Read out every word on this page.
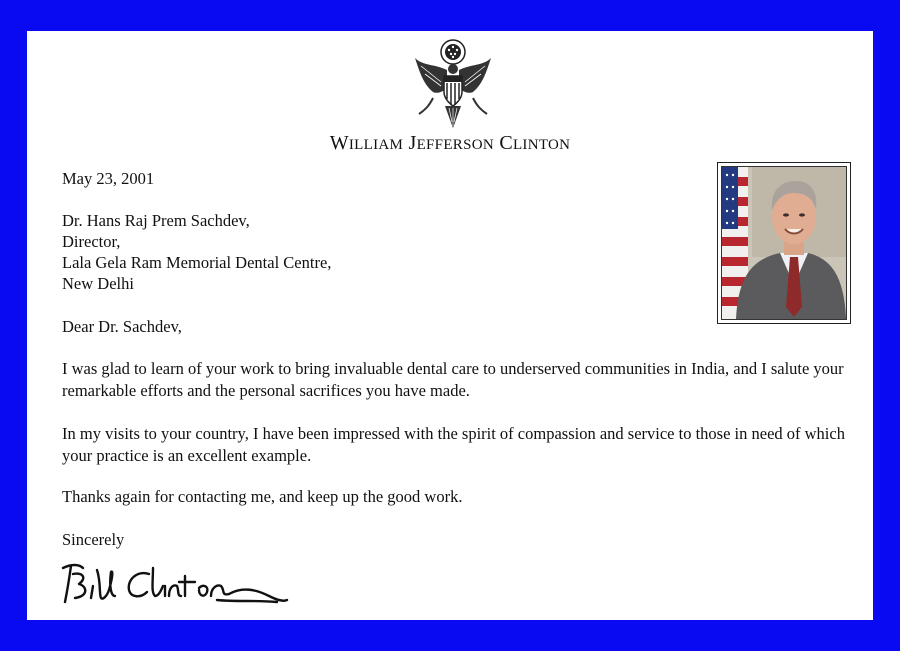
WILLIAM JEFFERSON CLINTON
May 23, 2001
Dr. Hans Raj Prem Sachdev,
Director,
Lala Gela Ram Memorial Dental Centre,
New Delhi
Dear Dr. Sachdev,
I was glad to learn of your work to bring invaluable dental care to underserved communities in India, and I salute your remarkable efforts and the personal sacrifices you have made.
In my visits to your country, I have been impressed with the spirit of compassion and service to those in need of which your practice is an excellent example.
Thanks again for contacting me, and keep up the good work.
Sincerely
